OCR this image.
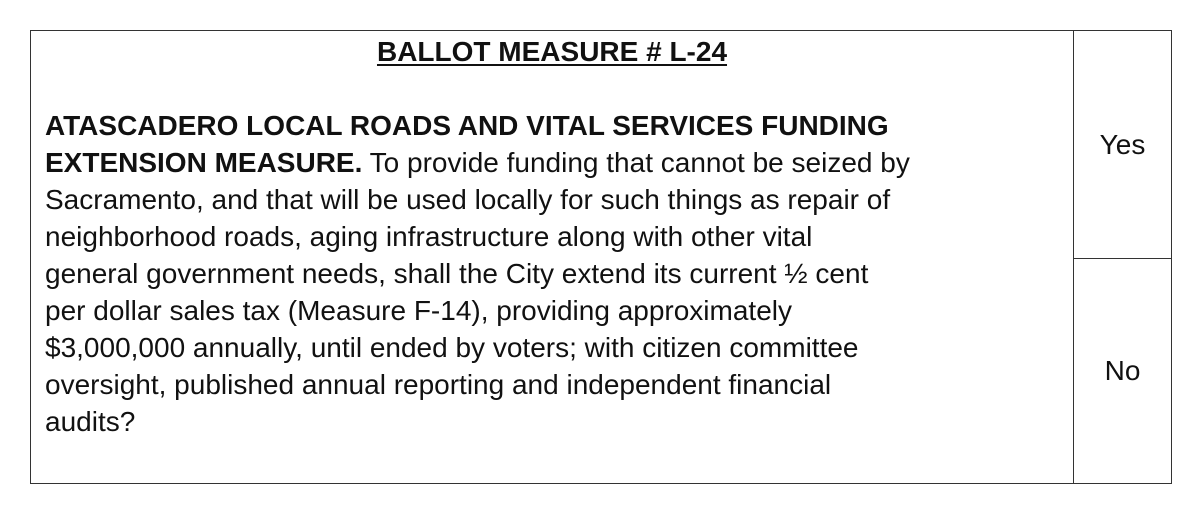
BALLOT MEASURE # L-24

ATASCADERO LOCAL ROADS AND VITAL SERVICES FUNDING
EXTENSION MEASURE. To provide funding that cannot be seized by
Sacramento, and that will be used locally for such things as repair of
neighborhood roads, aging infrastructure along with other vital
general government needs, shall the City extend its current ½ cent
per dollar sales tax (Measure F-14), providing approximately
$3,000,000 annually, until ended by voters; with citizen committee
oversight, published annual reporting and independent financial
audits?

Yes
No
